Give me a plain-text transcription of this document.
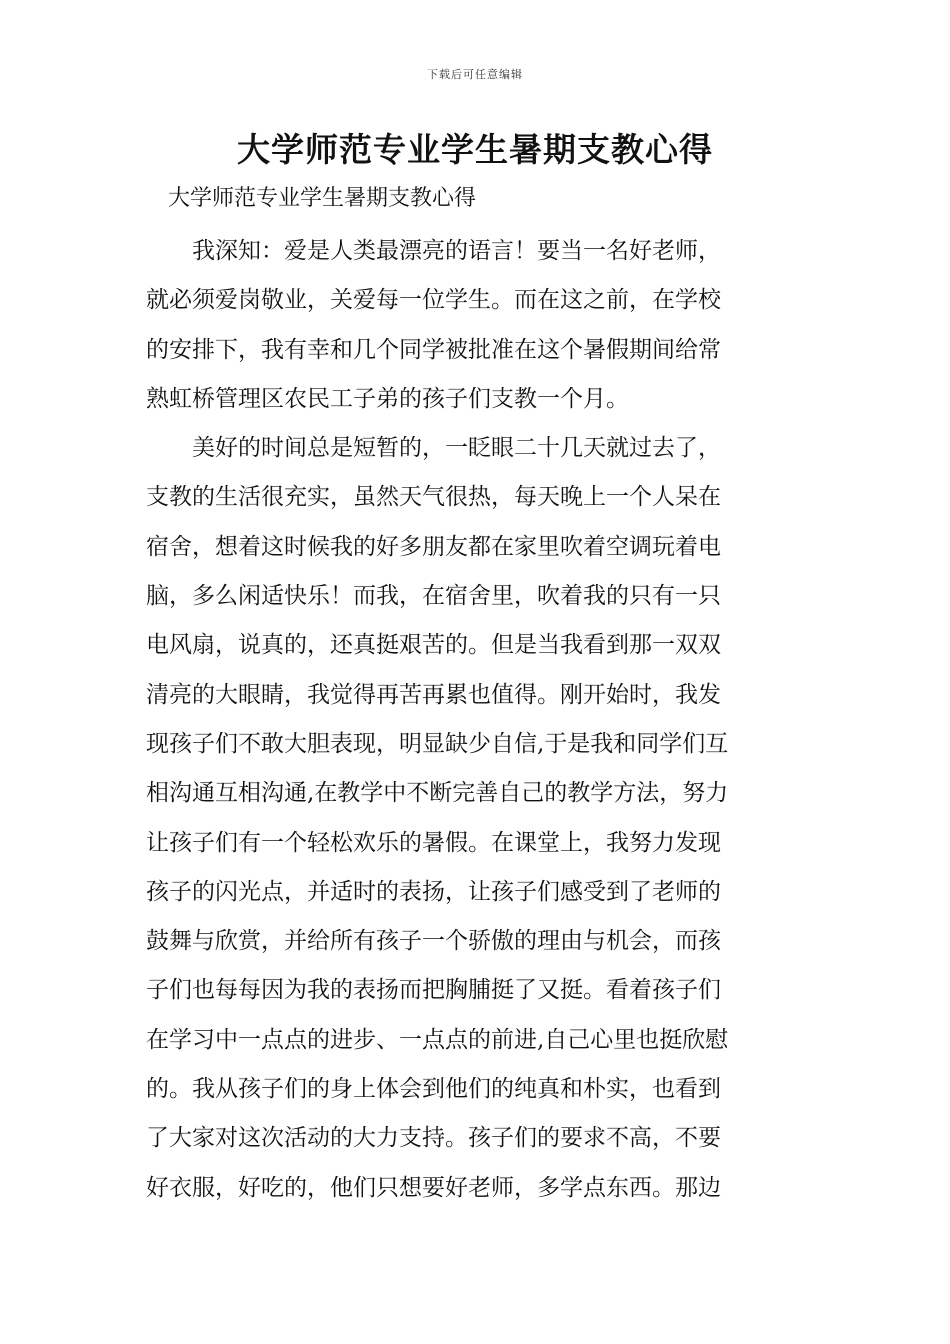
下载后可任意编辑
大学师范专业学生暑期支教心得

大学师范专业学生暑期支教心得

我深知：爱是人类最漂亮的语言！要当一名好老师，
就必须爱岗敬业，关爱每一位学生。而在这之前，在学校
的安排下，我有幸和几个同学被批准在这个暑假期间给常
熟虹桥管理区农民工子弟的孩子们支教一个月。

美好的时间总是短暂的，一眨眼二十几天就过去了，
支教的生活很充实，虽然天气很热，每天晚上一个人呆在
宿舍，想着这时候我的好多朋友都在家里吹着空调玩着电
脑，多么闲适快乐！而我，在宿舍里，吹着我的只有一只
电风扇，说真的，还真挺艰苦的。但是当我看到那一双双
清亮的大眼睛，我觉得再苦再累也值得。刚开始时，我发
现孩子们不敢大胆表现，明显缺少自信,于是我和同学们互
相沟通互相沟通,在教学中不断完善自己的教学方法，努力
让孩子们有一个轻松欢乐的暑假。在课堂上，我努力发现
孩子的闪光点，并适时的表扬，让孩子们感受到了老师的
鼓舞与欣赏，并给所有孩子一个骄傲的理由与机会，而孩
子们也每每因为我的表扬而把胸脯挺了又挺。看着孩子们
在学习中一点点的进步、一点点的前进,自己心里也挺欣慰
的。我从孩子们的身上体会到他们的纯真和朴实，也看到
了大家对这次活动的大力支持。孩子们的要求不高，不要
好衣服，好吃的，他们只想要好老师，多学点东西。那边
